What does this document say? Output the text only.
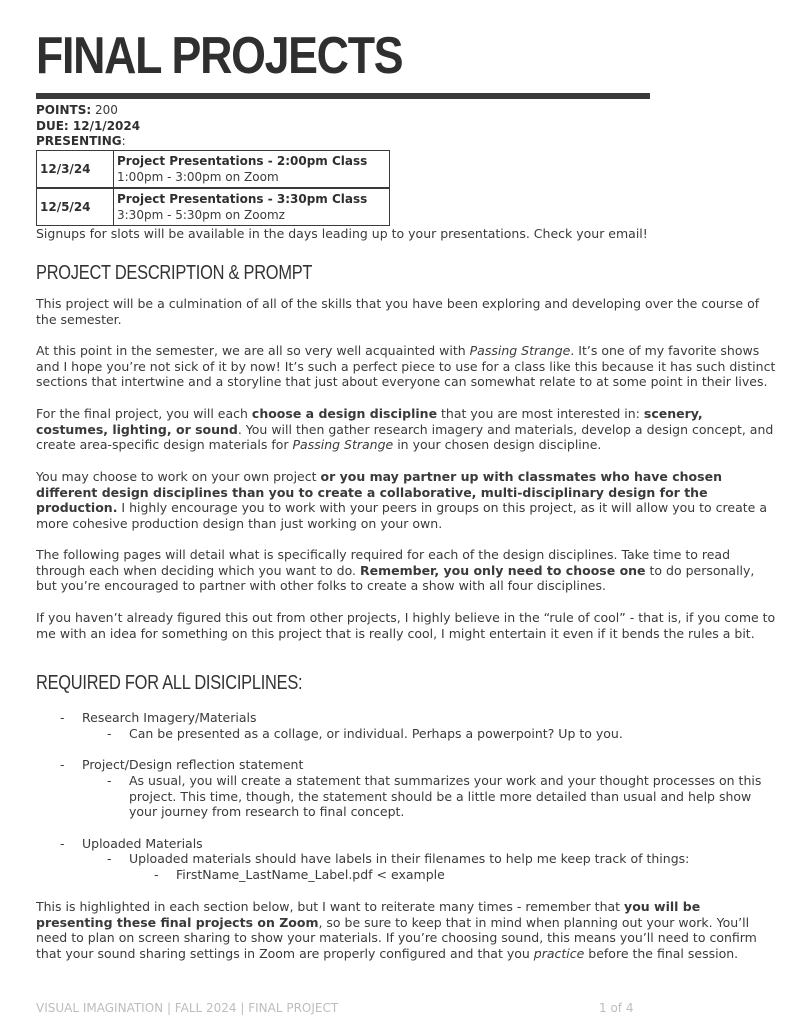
FINAL PROJECTS
POINTS: 200
DUE: 12/1/2024
PRESENTING:
12/3/24	Project Presentations - 2:00pm Class
1:00pm - 3:00pm on Zoom

12/5/24	Project Presentations - 3:30pm Class
3:30pm - 5:30pm on Zoomz

Signups for slots will be available in the days leading up to your presentations. Check your email!

PROJECT DESCRIPTION & PROMPT

This project will be a culmination of all of the skills that you have been exploring and developing over the course of the semester.

At this point in the semester, we are all so very well acquainted with Passing Strange. It’s one of my favorite shows and I hope you’re not sick of it by now! It’s such a perfect piece to use for a class like this because it has such distinct sections that intertwine and a storyline that just about everyone can somewhat relate to at some point in their lives.

For the final project, you will each choose a design discipline that you are most interested in: scenery, costumes, lighting, or sound. You will then gather research imagery and materials, develop a design concept, and create area-specific design materials for Passing Strange in your chosen design discipline.

You may choose to work on your own project or you may partner up with classmates who have chosen different design disciplines than you to create a collaborative, multi-disciplinary design for the production. I highly encourage you to work with your peers in groups on this project, as it will allow you to create a more cohesive production design than just working on your own.

The following pages will detail what is specifically required for each of the design disciplines. Take time to read through each when deciding which you want to do. Remember, you only need to choose one to do personally, but you’re encouraged to partner with other folks to create a show with all four disciplines.

If you haven’t already figured this out from other projects, I highly believe in the “rule of cool” - that is, if you come to me with an idea for something on this project that is really cool, I might entertain it even if it bends the rules a bit.

REQUIRED FOR ALL DISICIPLINES:
- Research Imagery/Materials
- Can be presented as a collage, or individual. Perhaps a powerpoint? Up to you.
- Project/Design reflection statement
- As usual, you will create a statement that summarizes your work and your thought processes on this project. This time, though, the statement should be a little more detailed than usual and help show your journey from research to final concept.
- Uploaded Materials
- Uploaded materials should have labels in their filenames to help me keep track of things:
- FirstName_LastName_Label.pdf < example

This is highlighted in each section below, but I want to reiterate many times - remember that you will be presenting these final projects on Zoom, so be sure to keep that in mind when planning out your work. You’ll need to plan on screen sharing to show your materials. If you’re choosing sound, this means you’ll need to confirm that your sound sharing settings in Zoom are properly configured and that you practice before the final session.

VISUAL IMAGINATION | FALL 2024 | FINAL PROJECT	1 of 4
